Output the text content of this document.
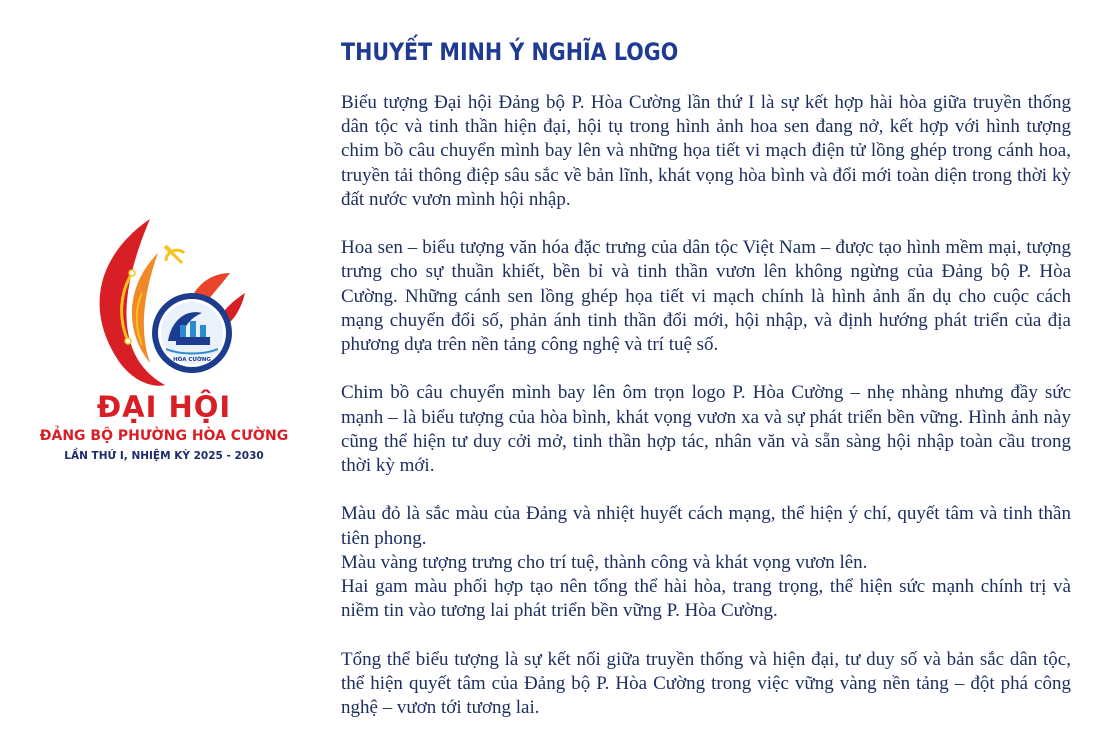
HÒA CƯỜNG
ĐẠI HỘI
ĐẢNG BỘ PHƯỜNG HÒA CƯỜNG
LẦN THỨ I, NHIỆM KỲ 2025 - 2030
THUYẾT MINH Ý NGHĨA LOGO

Biểu tượng Đại hội Đảng bộ P. Hòa Cường lần thứ I là sự kết hợp hài hòa giữa truyền thống dân tộc và tinh thần hiện đại, hội tụ trong hình ảnh hoa sen đang nở, kết hợp với hình tượng chim bồ câu chuyển mình bay lên và những họa tiết vi mạch điện tử lồng ghép trong cánh hoa, truyền tải thông điệp sâu sắc về bản lĩnh, khát vọng hòa bình và đổi mới toàn diện trong thời kỳ đất nước vươn mình hội nhập.

Hoa sen – biểu tượng văn hóa đặc trưng của dân tộc Việt Nam – được tạo hình mềm mại, tượng trưng cho sự thuần khiết, bền bỉ và tinh thần vươn lên không ngừng của Đảng bộ P. Hòa Cường. Những cánh sen lồng ghép họa tiết vi mạch chính là hình ảnh ẩn dụ cho cuộc cách mạng chuyển đổi số, phản ánh tinh thần đổi mới, hội nhập, và định hướng phát triển của địa phương dựa trên nền tảng công nghệ và trí tuệ số.

Chim bồ câu chuyển mình bay lên ôm trọn logo P. Hòa Cường – nhẹ nhàng nhưng đầy sức mạnh – là biểu tượng của hòa bình, khát vọng vươn xa và sự phát triển bền vững. Hình ảnh này cũng thể hiện tư duy cởi mở, tinh thần hợp tác, nhân văn và sẵn sàng hội nhập toàn cầu trong thời kỳ mới.

Màu đỏ là sắc màu của Đảng và nhiệt huyết cách mạng, thể hiện ý chí, quyết tâm và tinh thần tiên phong.
Màu vàng tượng trưng cho trí tuệ, thành công và khát vọng vươn lên.
Hai gam màu phối hợp tạo nên tổng thể hài hòa, trang trọng, thể hiện sức mạnh chính trị và niềm tin vào tương lai phát triển bền vững P. Hòa Cường.

Tổng thể biểu tượng là sự kết nối giữa truyền thống và hiện đại, tư duy số và bản sắc dân tộc, thể hiện quyết tâm của Đảng bộ P. Hòa Cường trong việc vững vàng nền tảng – đột phá công nghệ – vươn tới tương lai.
